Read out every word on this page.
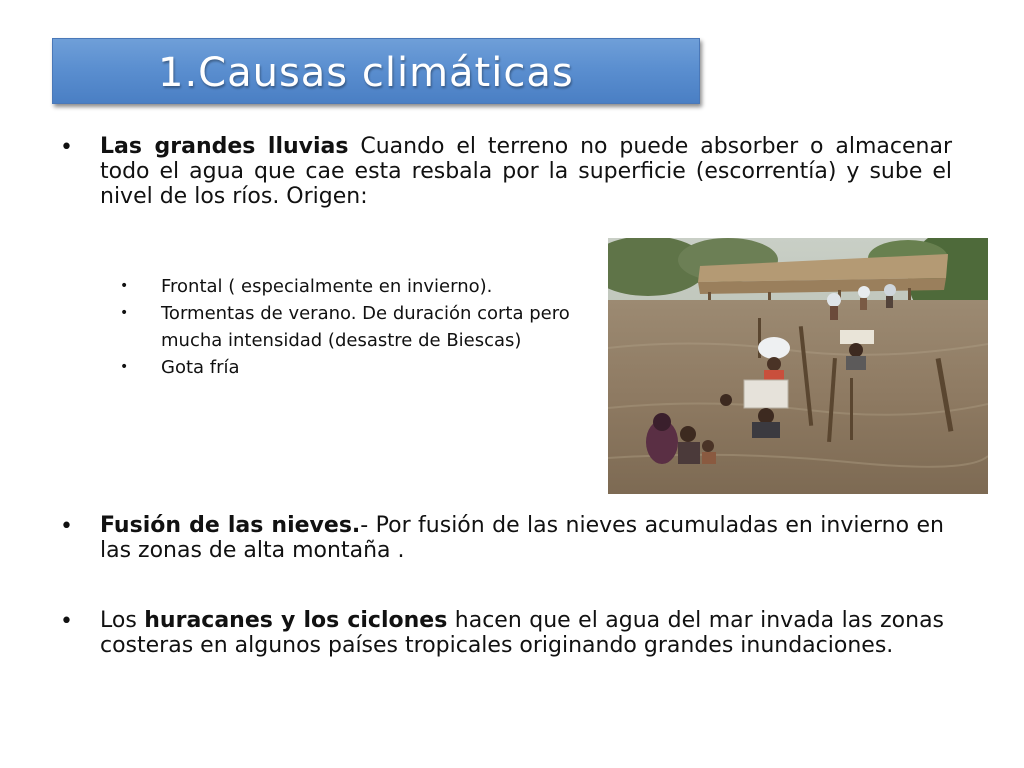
1.Causas climáticas
• Las grandes lluvias Cuando el terreno no puede absorber o almacenar todo el agua que cae esta resbala por la superficie (escorrentía) y sube el nivel de los ríos. Origen:
• Frontal ( especialmente en invierno).
• Tormentas de verano. De duración corta pero mucha intensidad (desastre de Biescas)
• Gota fría
• Fusión de las nieves.- Por fusión de las nieves acumuladas en invierno en las zonas de alta montaña .
• Los huracanes y los ciclones hacen que el agua del mar invada las zonas costeras en algunos países tropicales originando grandes inundaciones.
